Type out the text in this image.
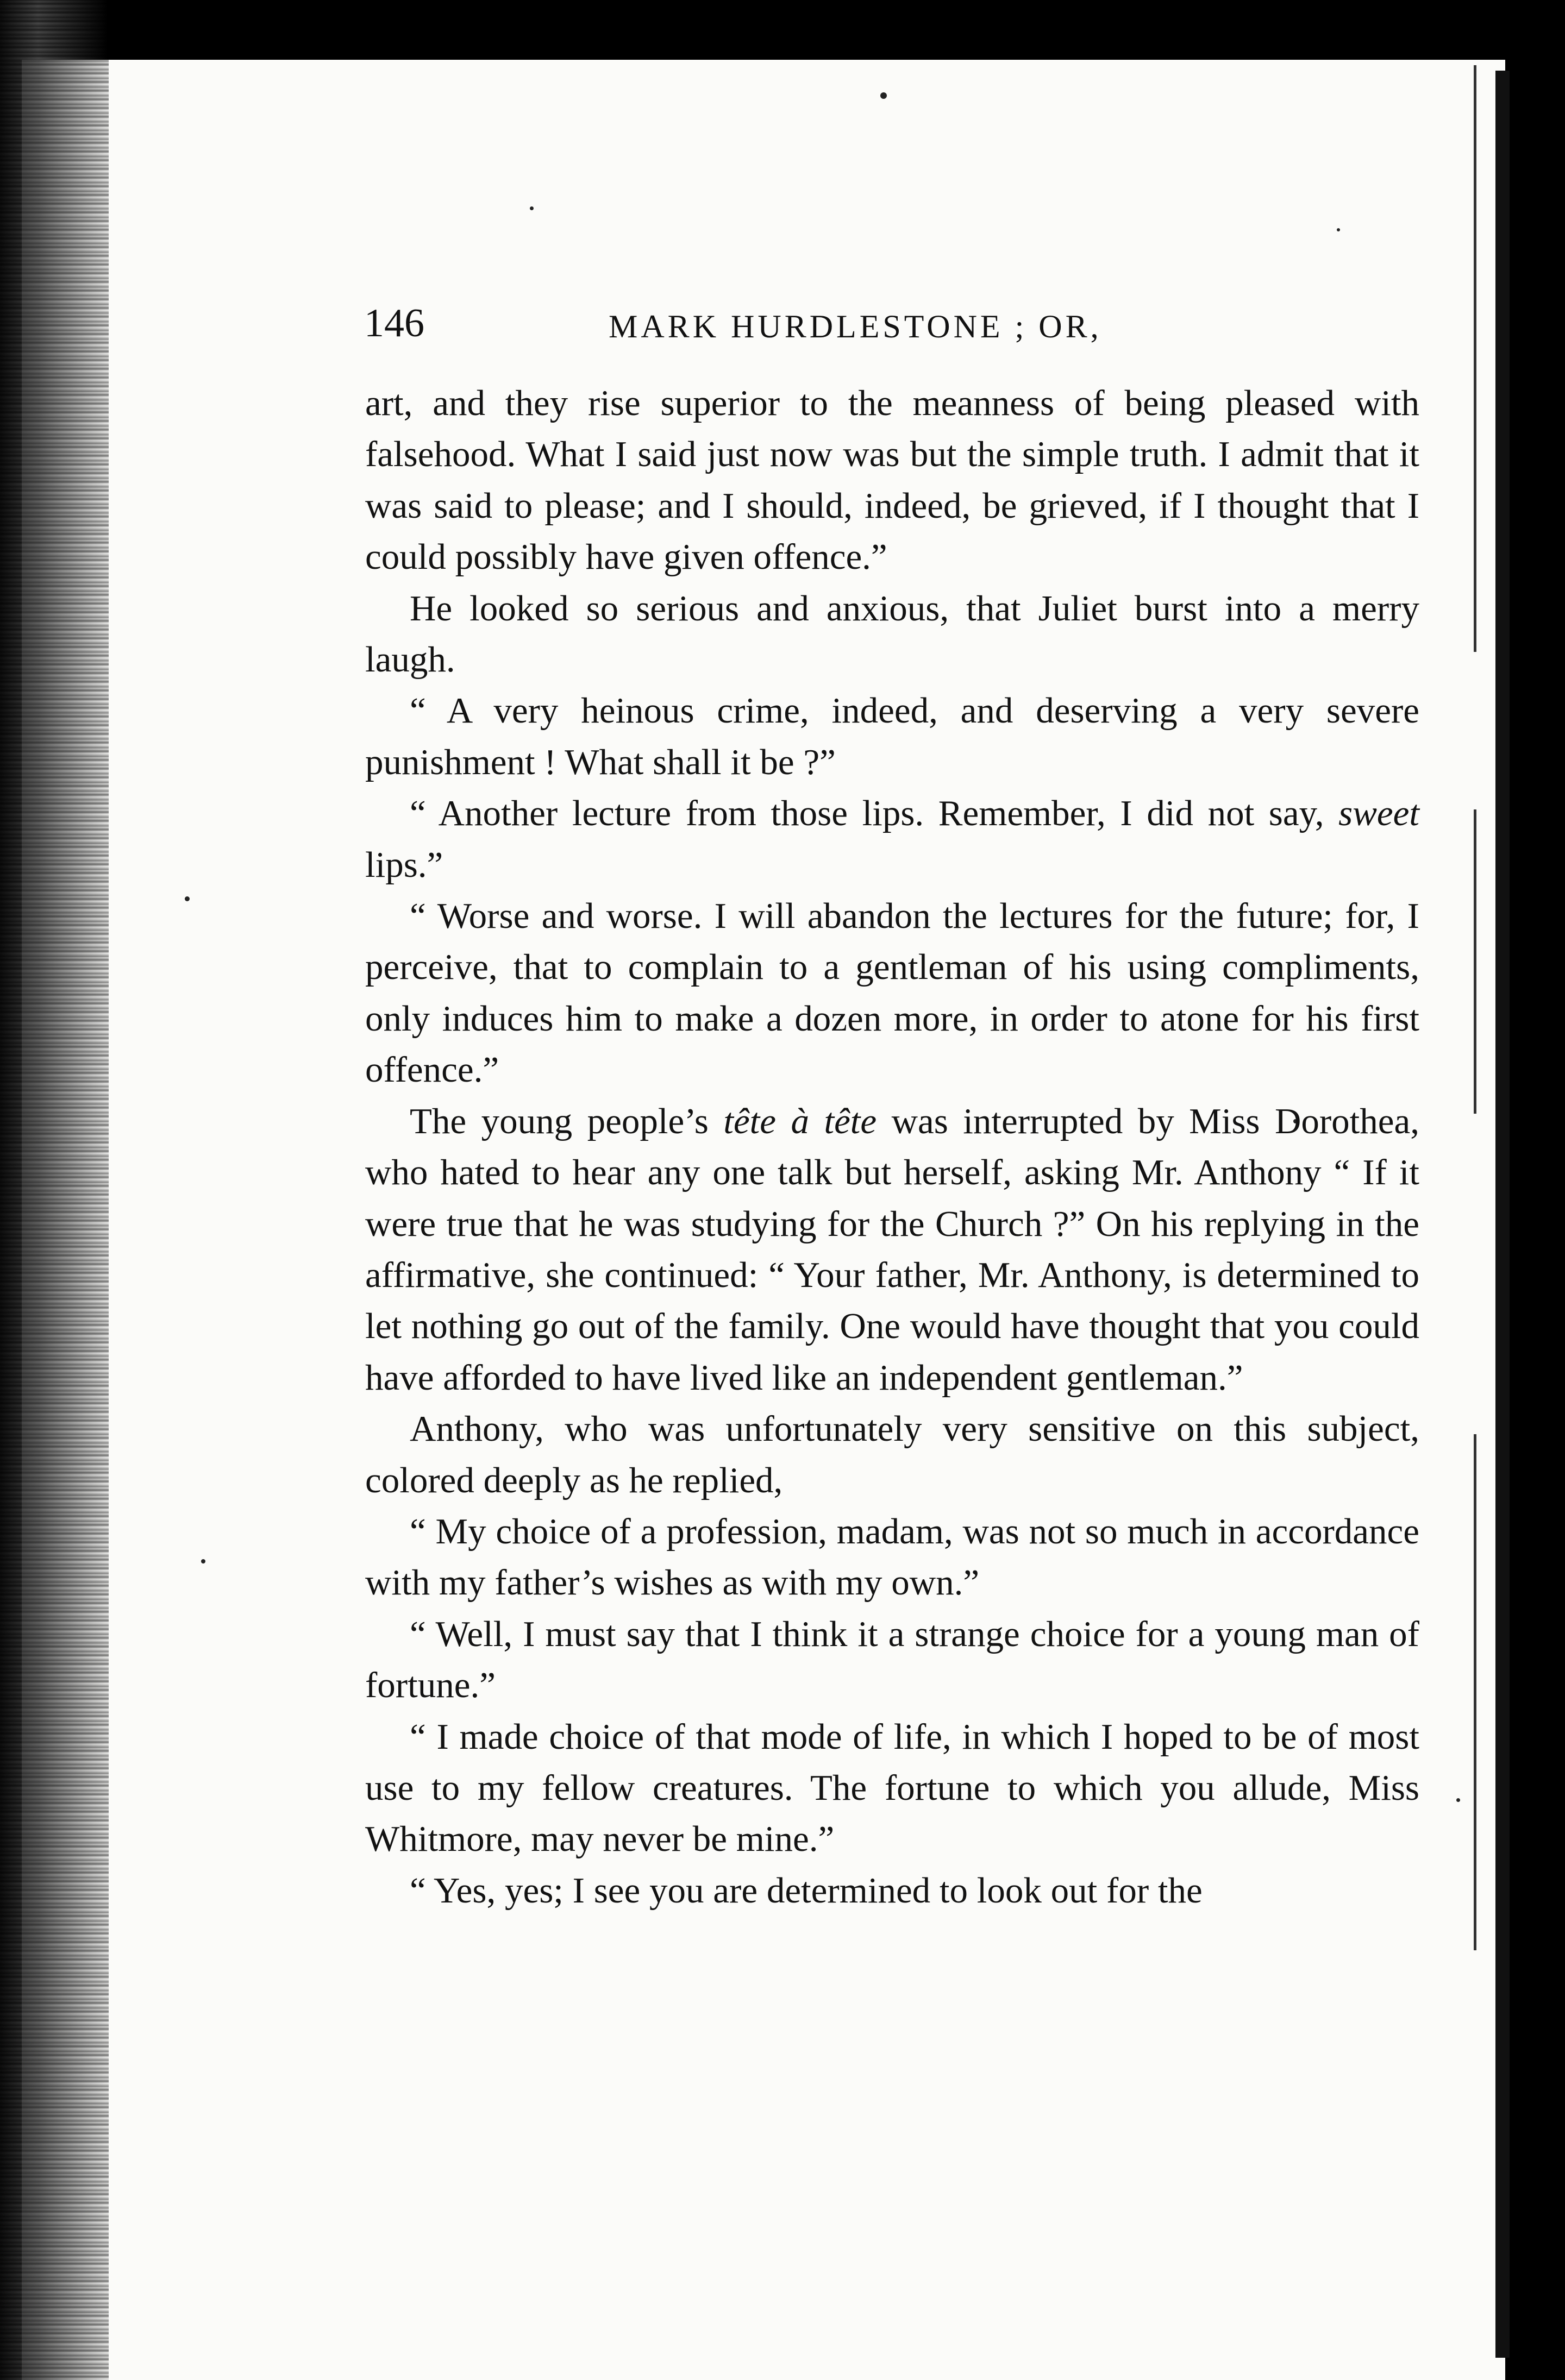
146	MARK HURDLESTONE ; OR,

art, and they rise superior to the meanness of being pleased with falsehood. What I said just now was but the simple truth. I admit that it was said to please; and I should, indeed, be grieved, if I thought that I could possibly have given offence.”

He looked so serious and anxious, that Juliet burst into a merry laugh.

“ A very heinous crime, indeed, and deserving a very severe punishment ! What shall it be ?”

“ Another lecture from those lips. Remember, I did not say, sweet lips.”

“ Worse and worse. I will abandon the lectures for the future; for, I perceive, that to complain to a gentleman of his using compliments, only induces him to make a dozen more, in order to atone for his first offence.”

The young people’s tête à tête was interrupted by Miss Dorothea, who hated to hear any one talk but herself, asking Mr. Anthony “ If it were true that he was studying for the Church ?” On his replying in the affirmative, she continued: “ Your father, Mr. Anthony, is determined to let nothing go out of the family. One would have thought that you could have afforded to have lived like an independent gentleman.”

Anthony, who was unfortunately very sensitive on this subject, colored deeply as he replied,

“ My choice of a profession, madam, was not so much in accordance with my father’s wishes as with my own.”

“ Well, I must say that I think it a strange choice for a young man of fortune.”

“ I made choice of that mode of life, in which I hoped to be of most use to my fellow creatures. The fortune to which you allude, Miss Whitmore, may never be mine.”

“ Yes, yes; I see you are determined to look out for the
